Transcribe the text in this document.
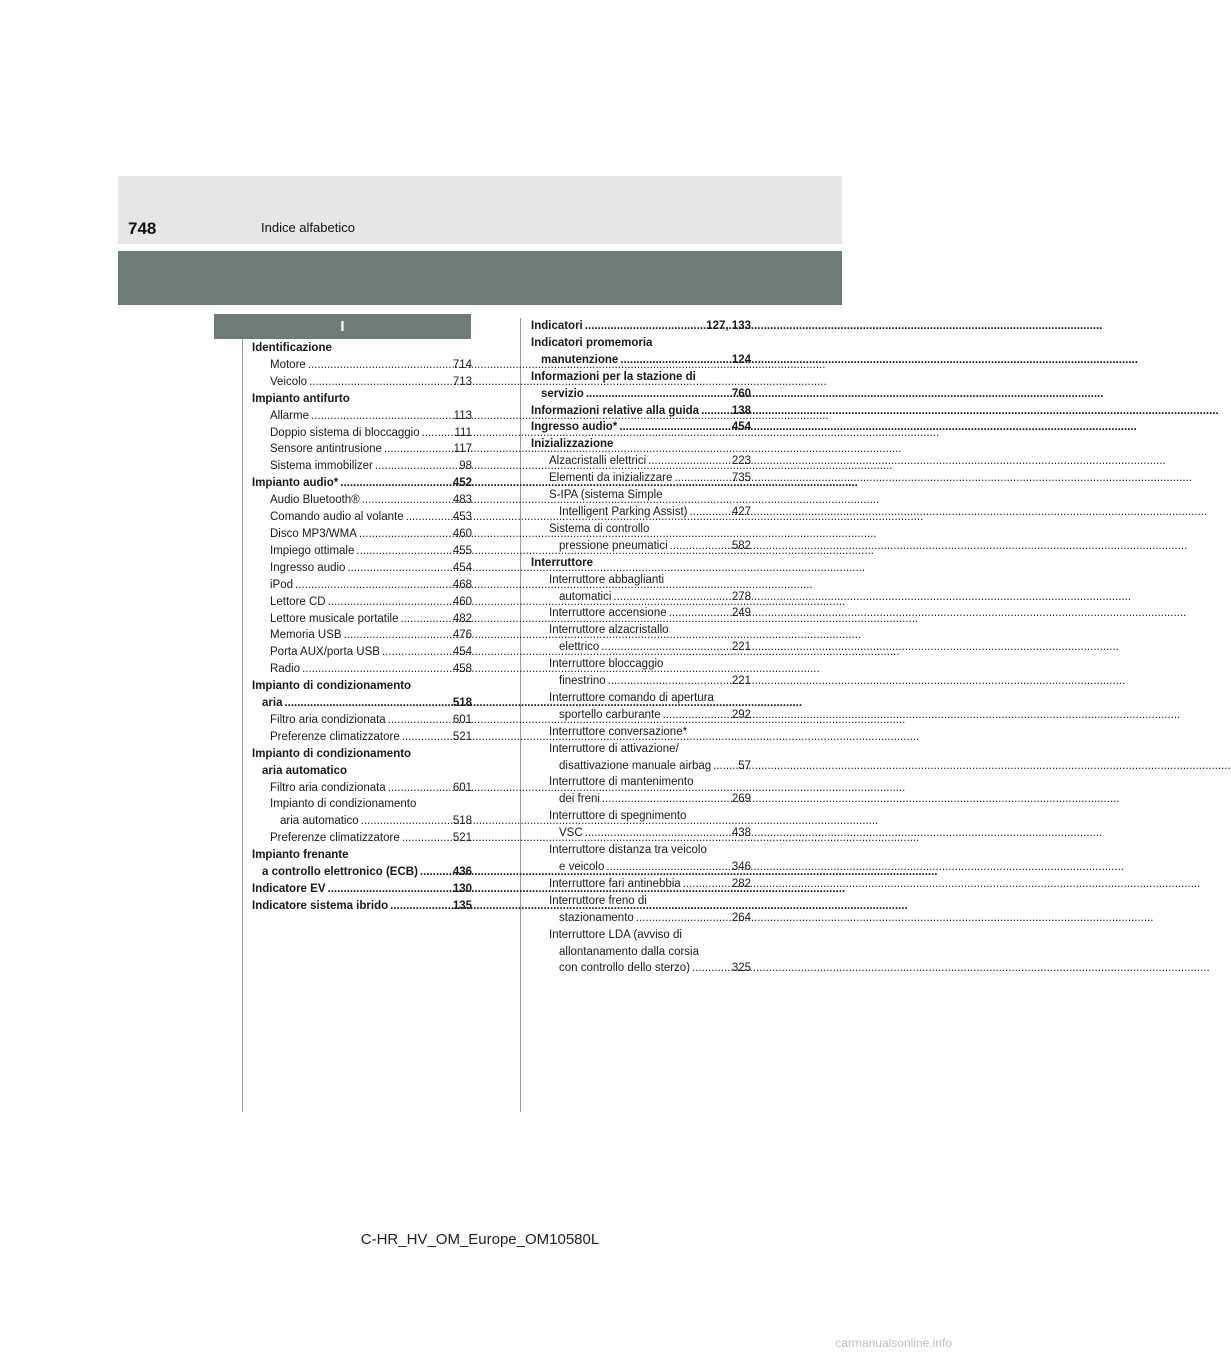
748	Indice alfabetico
I
Identificazione
Motore .....	714
Veicolo .....	713
Impianto antifurto
Allarme .....	113
Doppio sistema di bloccaggio .....	111
Sensore antintrusione .....	117
Sistema immobilizer .....	98
Impianto audio* .....	452
Audio Bluetooth® .....	483
Comando audio al volante .....	453
Disco MP3/WMA .....	460
Impiego ottimale .....	455
Ingresso audio .....	454
iPod .....	468
Lettore CD .....	460
Lettore musicale portatile .....	482
Memoria USB .....	476
Porta AUX/porta USB .....	454
Radio .....	458
Impianto di condizionamento
aria .....	518
Filtro aria condizionata .....	601
Preferenze climatizzatore .....	521
Impianto di condizionamento
aria automatico
Filtro aria condizionata .....	601
Impianto di condizionamento
aria automatico .....	518
Preferenze climatizzatore .....	521
Impianto frenante
a controllo elettronico (ECB) .....	436
Indicatore EV .....	130
Indicatore sistema ibrido .....	135
Indicatori .....	127, 133
Indicatori promemoria
manutenzione .....	124
Informazioni per la stazione di
servizio .....	760
Informazioni relative alla guida .....	138
Ingresso audio* .....	454
Inizializzazione
Alzacristalli elettrici .....	223
Elementi da inizializzare .....	735
S-IPA (sistema Simple
Intelligent Parking Assist) .....	427
Sistema di controllo
pressione pneumatici .....	582
Interruttore
Interruttore abbaglianti
automatici .....	278
Interruttore accensione .....	249
Interruttore alzacristallo
elettrico .....	221
Interruttore bloccaggio
finestrino .....	221
Interruttore comando di apertura
sportello carburante .....	292
Interruttore conversazione*
Interruttore di attivazione/
disattivazione manuale airbag ..... 57
Interruttore di mantenimento
dei freni .....	269
Interruttore di spegnimento
VSC .....	438
Interruttore distanza tra veicolo
e veicolo .....	346
Interruttore fari antinebbia .....	282
Interruttore freno di
stazionamento .....	264
Interruttore LDA (avviso di
allontanamento dalla corsia
con controllo dello sterzo) .....	325
C-HR_HV_OM_Europe_OM10580L
carmanualsonline.info
